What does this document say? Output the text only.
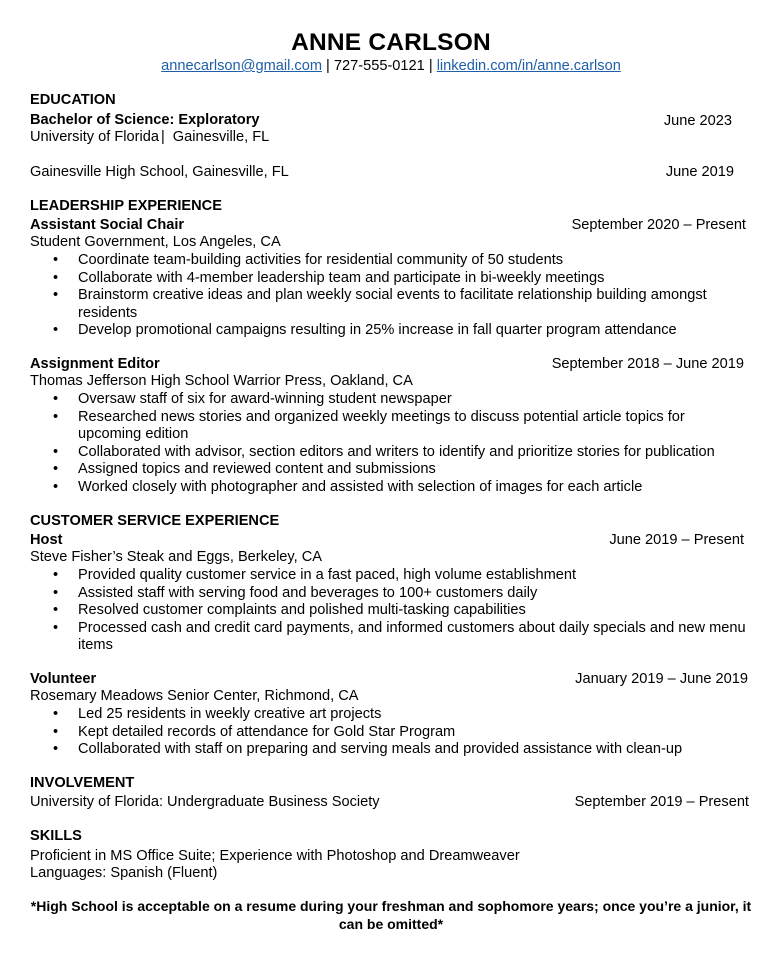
ANNE CARLSON
annecarlson@gmail.com | 727-555-0121 | linkedin.com/in/anne.carlson
EDUCATION
Bachelor of Science: Exploratory	June 2023
University of Florida | Gainesville, FL
Gainesville High School, Gainesville, FL	June 2019
LEADERSHIP EXPERIENCE
Assistant Social Chair	September 2020 – Present
Student Government, Los Angeles, CA
• Coordinate team-building activities for residential community of 50 students
• Collaborate with 4-member leadership team and participate in bi-weekly meetings
• Brainstorm creative ideas and plan weekly social events to facilitate relationship building amongst residents
• Develop promotional campaigns resulting in 25% increase in fall quarter program attendance
Assignment Editor	September 2018 – June 2019
Thomas Jefferson High School Warrior Press, Oakland, CA
• Oversaw staff of six for award-winning student newspaper
• Researched news stories and organized weekly meetings to discuss potential article topics for upcoming edition
• Collaborated with advisor, section editors and writers to identify and prioritize stories for publication
• Assigned topics and reviewed content and submissions
• Worked closely with photographer and assisted with selection of images for each article
CUSTOMER SERVICE EXPERIENCE
Host	June 2019 – Present
Steve Fisher’s Steak and Eggs, Berkeley, CA
• Provided quality customer service in a fast paced, high volume establishment
• Assisted staff with serving food and beverages to 100+ customers daily
• Resolved customer complaints and polished multi-tasking capabilities
• Processed cash and credit card payments, and informed customers about daily specials and new menu items
Volunteer	January 2019 – June 2019
Rosemary Meadows Senior Center, Richmond, CA
• Led 25 residents in weekly creative art projects
• Kept detailed records of attendance for Gold Star Program
• Collaborated with staff on preparing and serving meals and provided assistance with clean-up
INVOLVEMENT
University of Florida: Undergraduate Business Society	September 2019 – Present
SKILLS
Proficient in MS Office Suite; Experience with Photoshop and Dreamweaver
Languages: Spanish (Fluent)
*High School is acceptable on a resume during your freshman and sophomore years; once you’re a junior, it can be omitted*
